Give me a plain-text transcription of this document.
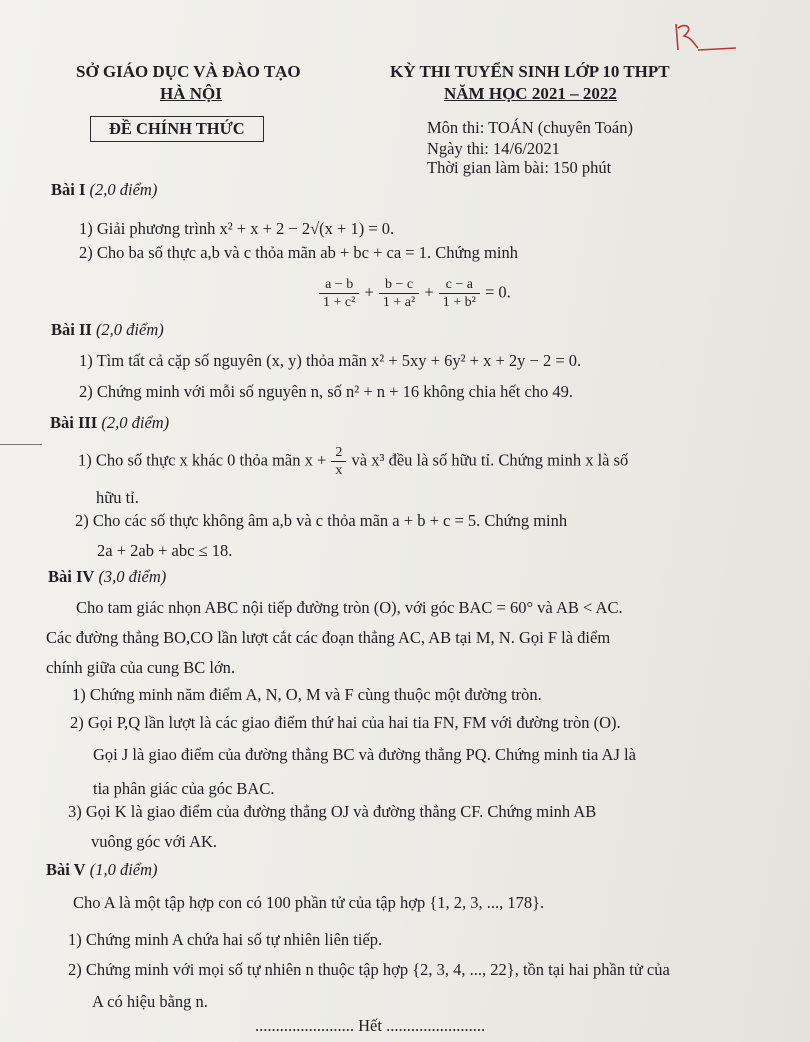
SỞ GIÁO DỤC VÀ ĐÀO TẠO
HÀ NỘI
ĐỀ CHÍNH THỨC
KỲ THI TUYỂN SINH LỚP 10 THPT
NĂM HỌC 2021 – 2022
Môn thi: TOÁN (chuyên Toán)
Ngày thi: 14/6/2021
Thời gian làm bài: 150 phút
Bài I (2,0 điểm)
1) Giải phương trình x² + x + 2 − 2√(x + 1) = 0.
2) Cho ba số thực a,b và c thỏa mãn ab + bc + ca = 1. Chứng minh
$\frac{a - b}{\text{1 + c²}} + \frac{b - c}{\text{1 + a²}} + \frac{c - a}{\text{1 + b²}} = 0$.
Bài II (2,0 điểm)
1) Tìm tất cả cặp số nguyên (x, y) thỏa mãn x² + 5xy + 6y² + x + 2y − 2 = 0.
2) Chứng minh với mỗi số nguyên n, số n² + n + 16 không chia hết cho 49.
Bài III (2,0 điểm)
1) Cho số thực x khác 0 thỏa mãn $x + \frac{2}{x}$ và x³ đều là số hữu tỉ. Chứng minh x là số
hữu tỉ.
2) Cho các số thực không âm a,b và c thỏa mãn a + b + c = 5. Chứng minh
2a + 2ab + abc ≤ 18.
Bài IV (3,0 điểm)
Cho tam giác nhọn ABC nội tiếp đường tròn (O), với góc BAC = 60° và AB < AC.
Các đường thẳng BO,CO lần lượt cắt các đoạn thẳng AC, AB tại M, N. Gọi F là điểm
chính giữa của cung BC lớn.
1) Chứng minh năm điểm A, N, O, M và F cùng thuộc một đường tròn.
2) Gọi P,Q lần lượt là các giao điểm thứ hai của hai tia FN, FM với đường tròn (O).
Gọi J là giao điểm của đường thẳng BC và đường thẳng PQ. Chứng minh tia AJ là
tia phân giác của góc BAC.
3) Gọi K là giao điểm của đường thẳng OJ và đường thẳng CF. Chứng minh AB
vuông góc với AK.
Bài V (1,0 điểm)
Cho A là một tập hợp con có 100 phần tử của tập hợp {1, 2, 3, ..., 178}.
1) Chứng minh A chứa hai số tự nhiên liên tiếp.
2) Chứng minh với mọi số tự nhiên n thuộc tập hợp {2, 3, 4, ..., 22}, tồn tại hai phần tử của
A có hiệu bằng n.
........................ Hết ........................
